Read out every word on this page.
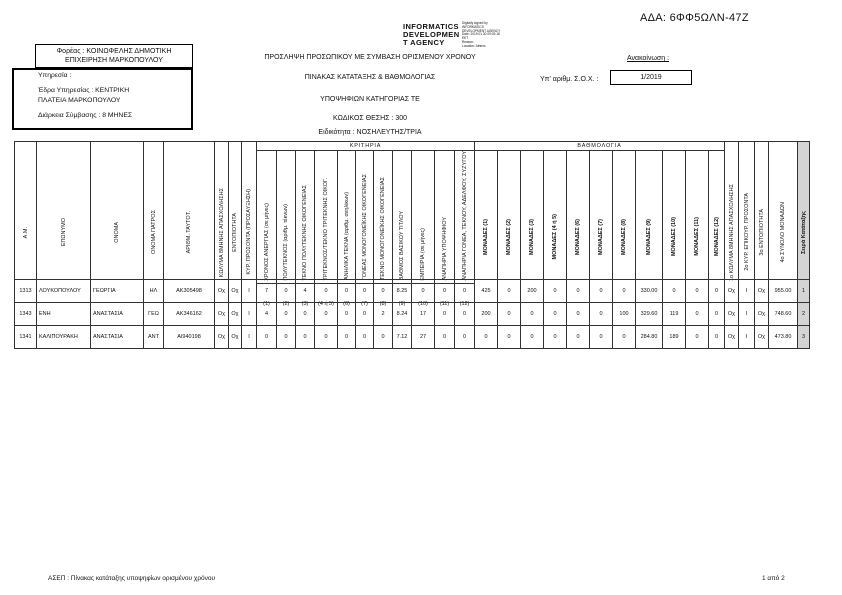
ΑΔΑ: 6ΦΦ5ΩΛΝ-47Ζ
INFORMATICS
DEVELOPMEN
T AGENCY
Digitally signed by
INFORMATICS
DEVELOPMENT AGENCY
Date: 2019.01.30 09:03:18
EET
Reason:
Location: Athens
Φορέας : ΚΟΙΝΩΦΕΛΗΣ ΔΗΜΟΤΙΚΗ
ΕΠΙΧΕΙΡΗΣΗ ΜΑΡΚΟΠΟΥΛΟΥ
Υπηρεσία :
Έδρα Υπηρεσίας : ΚΕΝΤΡΙΚΗ
ΠΛΑΤΕΙΑ ΜΑΡΚΟΠΟΥΛΟΥ
Διάρκεια Σύμβασης : 8 ΜΗΝΕΣ
ΠΡΟΣΛΗΨΗ ΠΡΟΣΩΠΙΚΟΥ ΜΕ ΣΥΜΒΑΣΗ ΟΡΙΣΜΕΝΟΥ ΧΡΟΝΟΥ
ΠΙΝΑΚΑΣ ΚΑΤΑΤΑΞΗΣ & ΒΑΘΜΟΛΟΓΙΑΣ
ΥΠΟΨΗΦΙΩΝ ΚΑΤΗΓΟΡΙΑΣ ΤΕ
ΚΩΔΙΚΟΣ ΘΕΣΗΣ : 300
Ειδικότητα : ΝΟΣΗΛΕΥΤΗΣ/ΤΡΙΑ
Ανακοίνωση :
Υπ' αριθμ. Σ.Ο.Χ. :	1/2019
Α.Μ.	ΕΠΩΝΥΜΟ	ΟΝΟΜΑ	ΟΝΟΜΑ ΠΑΤΡΟΣ	ΑΡΙΘΜ. ΤΑΥΤΟΤ.	ΚΩΛΥΜΑ 8ΜΗΝΗΣ ΑΠΑΣΧΟΛΗΣΗΣ	ΕΝΤΟΠΙΟΤΗΤΑ	ΚΥΡ. ΠΡΟΣΟΝΤΑ (ΠΡΟΣΑΥΞΗΣΗ)	ΚΡΙΤΗΡΙΑ											ΒΑΘΜΟΛΟΓΙΑ											1ο ΚΩΛΥΜΑ 8ΜΗΝΗΣ ΑΠΑΣΧΟΛΗΣΗΣ	2ο ΚΥΡ. ΕΠΙΚΟΥΡ. ΠΡΟΣΟΝΤΑ	3ο ΕΝΤΟΠΙΟΤΗΤΑ	4ο ΣΥΝΟΛΟ ΜΟΝΑΔΩΝ	Σειρά Κατάταξης
								ΧΡΟΝΟΣ ΑΝΕΡΓΙΑΣ (σε μήνες)	ΠΟΛΥΤΕΚΝΟΣ (αριθμ. τέκνων)	ΤΕΚΝΟ ΠΟΛΥΤΕΚΝΗΣ ΟΙΚΟΓΕΝΕΙΑΣ	ΤΡΙΤΕΚΝΟΣ/ΤΕΚΝΟ ΤΡΙΤΕΚΝΗΣ ΟΙΚΟΓ.	ΑΝΗΛΙΚΑ ΤΕΚΝΑ (αριθμ. ανηλίκων)	ΓΟΝΕΑΣ ΜΟΝΟΓΟΝΕΪΚΗΣ ΟΙΚΟΓΕΝΕΙΑΣ	ΤΕΚΝΟ ΜΟΝΟΓΟΝΕΪΚΗΣ ΟΙΚΟΓΕΝΕΙΑΣ	ΒΑΘΜΟΣ ΒΑΣΙΚΟΥ ΤΙΤΛΟΥ	ΕΜΠΕΙΡΙΑ (σε μήνες)	ΑΝΑΠΗΡΙΑ ΥΠΟΨΗΦΙΟΥ	ΑΝΑΠΗΡΙΑ ΓΟΝΕΑ, ΤΕΚΝΟΥ, ΑΔΕΛΦΟΥ, ΣΥΖΥΓΟΥ	ΜΟΝΑΔΕΣ (1)	ΜΟΝΑΔΕΣ (2)	ΜΟΝΑΔΕΣ (3)	ΜΟΝΑΔΕΣ (4 ή 5)	ΜΟΝΑΔΕΣ (6)	ΜΟΝΑΔΕΣ (7)	ΜΟΝΑΔΕΣ (8)	ΜΟΝΑΔΕΣ (9)	ΜΟΝΑΔΕΣ (10)	ΜΟΝΑΔΕΣ (11)	ΜΟΝΑΔΕΣ (12)					
								(1)	(2)	(3)	(4 ή 5)	(6)	(7)	(8)	(9)	(10)	(11)	(12)																

1313	ΛΟΥΚΟΠΟΥΛΟΥ	ΓΕΩΡΓΙΑ	ΗΛ	ΑΚ305498	Οχ	Οχ	Ι	7	0	4	0	0	0	0	8.25	0	0	0	425	0	200	0	0	0	0	330.00	0	0	0	Οχ	Ι	Οχ	955.00	1
1343	ΕΝΗ	ΑΝΑΣΤΑΣΙΑ	ΓΕΩ	ΑΚ346162	Οχ	Οχ	Ι	4	0	0	0	0	0	2	8.24	17	0	0	200	0	0	0	0	0	100	329.60	119	0	0	Οχ	Ι	Οχ	748.60	2
1341	ΚΑΛΙΠΟΥΡΑΚΗ	ΑΝΑΣΤΑΣΙΑ	ΑΝΤ	ΑΙ940198	Οχ	Οχ	Ι	0	0	0	0	0	0	0	7.12	27	0	0	0	0	0	0	0	0	0	284.80	189	0	0	Οχ	Ι	Οχ	473.80	3
ΑΣΕΠ : Πίνακας κατάταξης υποψηφίων ορισμένου χρόνου	1 από 2
